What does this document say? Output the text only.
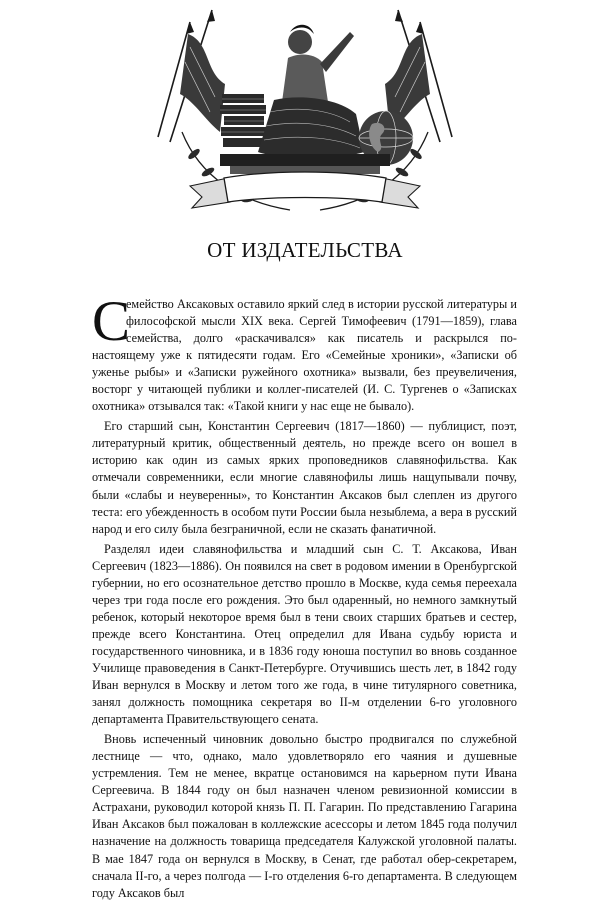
ОТ ИЗДАТЕЛЬСТВА

С
емейство Аксаковых оставило яркий след в истории русской литературы и философской мысли XIX века. Сергей Тимофеевич (1791—1859), глава семейства, долго «раскачивался» как писатель и раскрылся по-настоящему уже к пятидесяти годам. Его «Семейные хроники», «Записки об уженье рыбы» и «Записки ружейного охотника» вызвали, без преувеличения, восторг у читающей публики и коллег-писателей (И. С. Тургенев о «Записках охотника» отзывался так: «Такой книги у нас еще не бывало).

Его старший сын, Константин Сергеевич (1817—1860) — публицист, поэт, литературный критик, общественный деятель, но прежде всего он вошел в историю как один из самых ярких проповедников славянофильства. Как отмечали современники, если многие славянофилы лишь нащупывали почву, были «слабы и неуверенны», то Константин Аксаков был слеплен из другого теста: его убежденность в особом пути России была незыблема, а вера в русский народ и его силу была безграничной, если не сказать фанатичной.

Разделял идеи славянофильства и младший сын С. Т. Аксакова, Иван Сергеевич (1823—1886). Он появился на свет в родовом имении в Оренбургской губернии, но его осознательное детство прошло в Москве, куда семья переехала через три года после его рождения. Это был одаренный, но немного замкнутый ребенок, который некоторое время был в тени своих старших братьев и сестер, прежде всего Константина. Отец определил для Ивана судьбу юриста и государственного чиновника, и в 1836 году юноша поступил во вновь созданное Училище правоведения в Санкт-Петербурге. Отучившись шесть лет, в 1842 году Иван вернулся в Москву и летом того же года, в чине титулярного советника, занял должность помощника секретаря во II-м отделении 6-го уголовного департамента Правительствующего сената.

Вновь испеченный чиновник довольно быстро продвигался по служебной лестнице — что, однако, мало удовлетворяло его чаяния и душевные устремления. Тем не менее, вкратце остановимся на карьерном пути Ивана Сергеевича. В 1844 году он был назначен членом ревизионной комиссии в Астрахани, руководил которой князь П. П. Гагарин. По представлению Гагарина Иван Аксаков был пожалован в коллежские асессоры и летом 1845 года получил назначение на должность товарища председателя Калужской уголовной палаты. В мае 1847 года он вернулся в Москву, в Сенат, где работал обер-секретарем, сначала II-го, а через полгода — I-го отделения 6-го департамента. В следующем году Аксаков был
